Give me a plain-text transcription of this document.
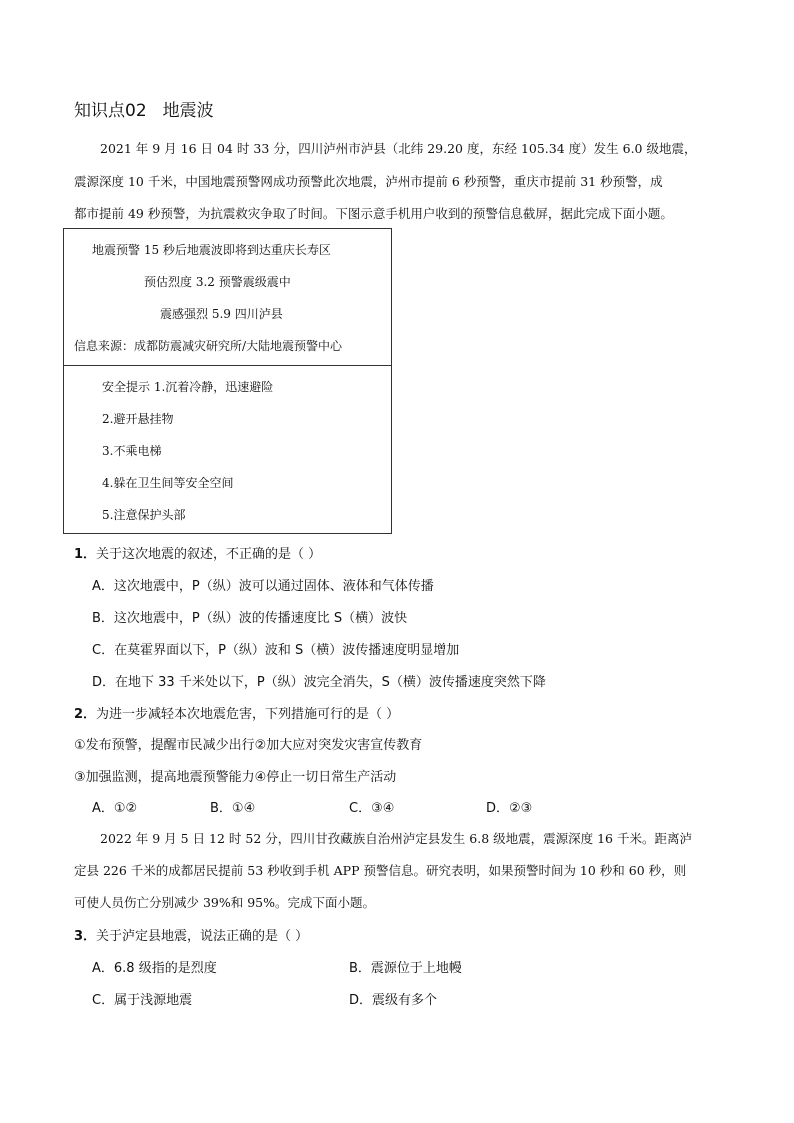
知识点02 地震波
2021 年 9 月 16 日 04 时 33 分，四川泸州市泸县（北纬 29.20 度，东经 105.34 度）发生 6.0 级地震，
震源深度 10 千米，中国地震预警网成功预警此次地震，泸州市提前 6 秒预警，重庆市提前 31 秒预警，成
都市提前 49 秒预警，为抗震救灾争取了时间。下图示意手机用户收到的预警信息截屏，据此完成下面小题。
地震预警 15 秒后地震波即将到达重庆长寿区
预估烈度 3.2 预警震级震中
震感强烈 5.9 四川泸县
信息来源：成都防震减灾研究所/大陆地震预警中心
安全提示 1.沉着冷静，迅速避险
2.避开悬挂物
3.不乘电梯
4.躲在卫生间等安全空间
5.注意保护头部
1．关于这次地震的叙述，不正确的是（ ）
A．这次地震中，P（纵）波可以通过固体、液体和气体传播
B．这次地震中，P（纵）波的传播速度比 S（横）波快
C．在莫霍界面以下，P（纵）波和 S（横）波传播速度明显增加
D．在地下 33 千米处以下，P（纵）波完全消失，S（横）波传播速度突然下降
2．为进一步减轻本次地震危害，下列措施可行的是（ ）
①发布预警，提醒市民减少出行②加大应对突发灾害宣传教育
③加强监测，提高地震预警能力④停止一切日常生产活动
A．①②	B．①④	C．③④	D．②③
2022 年 9 月 5 日 12 时 52 分，四川甘孜藏族自治州泸定县发生 6.8 级地震，震源深度 16 千米。距离泸
定县 226 千米的成都居民提前 53 秒收到手机 APP 预警信息。研究表明，如果预警时间为 10 秒和 60 秒，则
可使人员伤亡分别减少 39%和 95%。完成下面小题。
3．关于泸定县地震，说法正确的是（ ）
A．6.8 级指的是烈度	B．震源位于上地幔
C．属于浅源地震	D．震级有多个
